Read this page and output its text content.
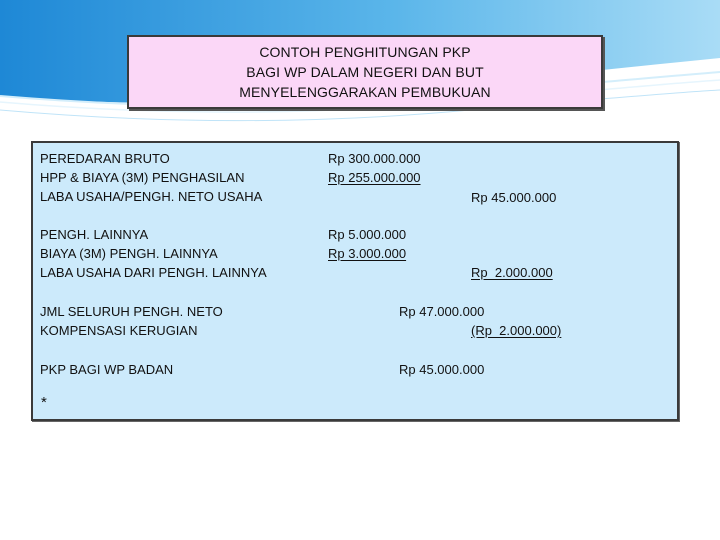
CONTOH PENGHITUNGAN PKP
BAGI WP DALAM NEGERI DAN BUT
MENYELENGGARAKAN PEMBUKUAN
PEREDARAN BRUTO
HPP & BIAYA (3M) PENGHASILAN
LABA USAHA/PENGH. NETO USAHA
Rp 300.000.000
Rp 255.000.000
Rp 45.000.000
PENGH. LAINNYA
BIAYA (3M) PENGH. LAINNYA
LABA USAHA DARI PENGH. LAINNYA
Rp 5.000.000
Rp 3.000.000
Rp  2.000.000
JML SELURUH PENGH. NETO
KOMPENSASI KERUGIAN
Rp 47.000.000
(Rp  2.000.000)
PKP BAGI WP BADAN	Rp 45.000.000
*
